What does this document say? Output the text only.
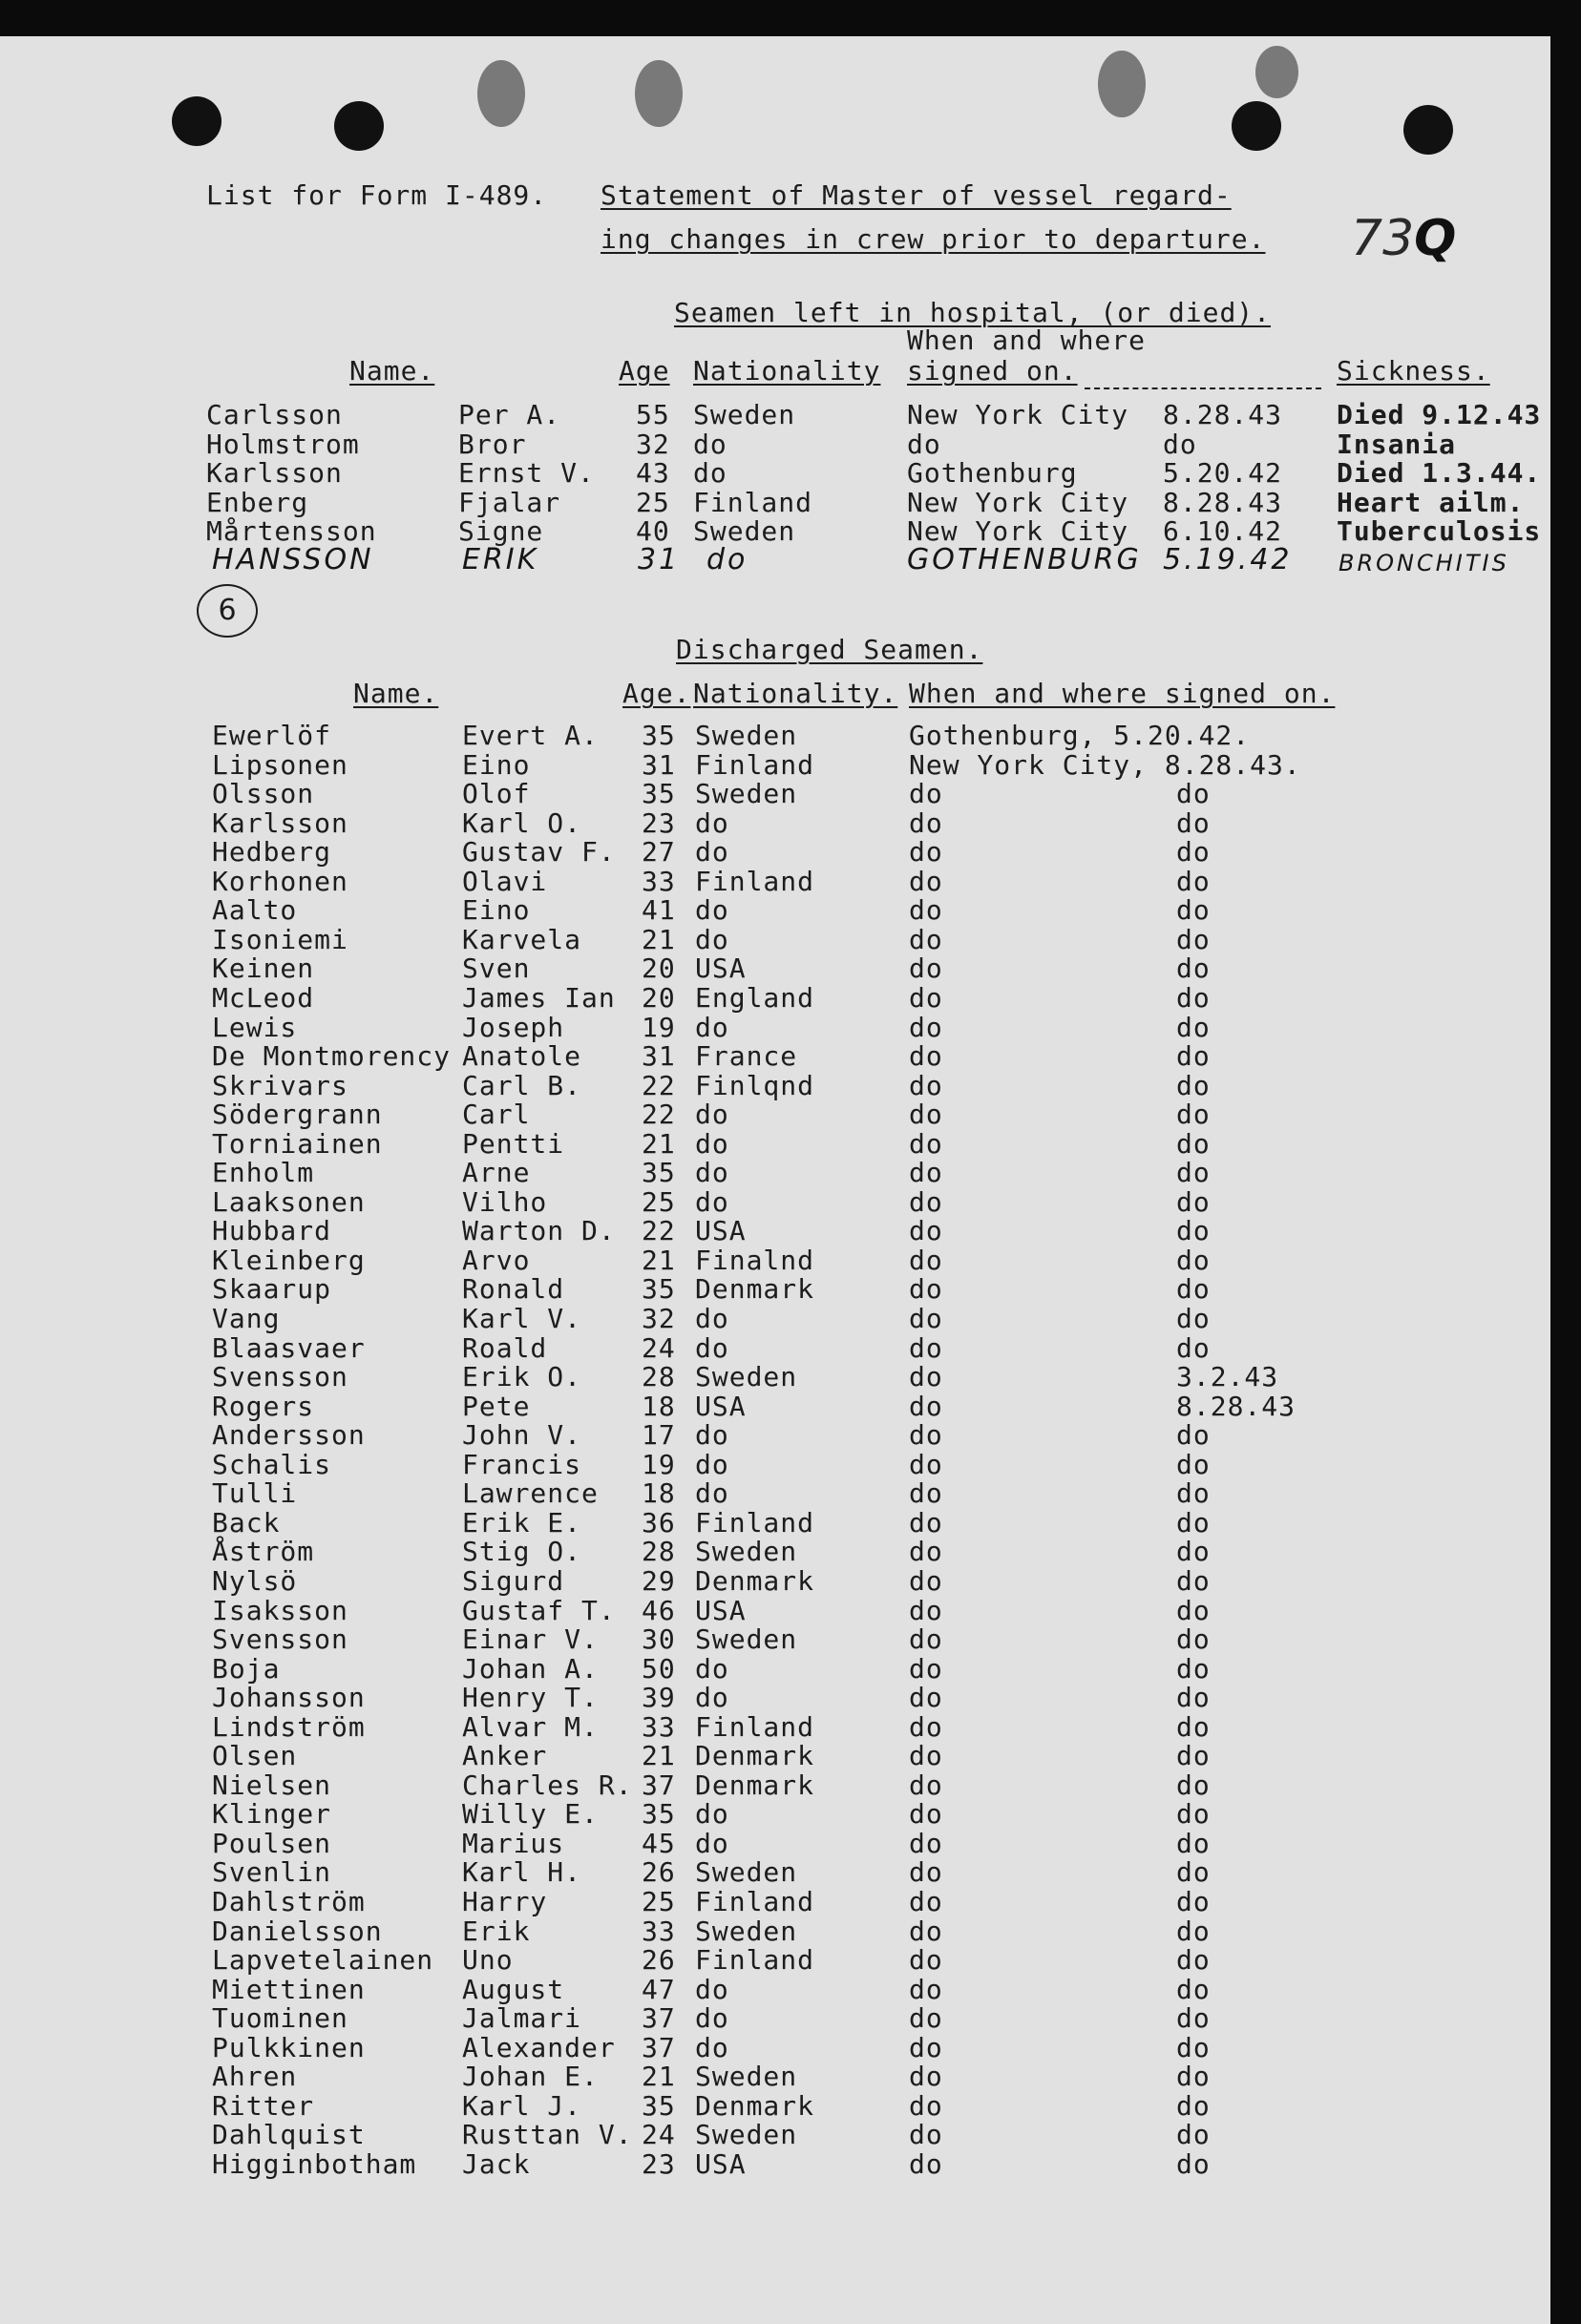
List for Form I-489. Statement of Master of vessel regard-
ing changes in crew prior to departure. 73Q
Seamen left in hospital, (or died).
When and where
Name.	Age Nationality signed on.	Sickness.
Carlsson	Per A.	55 Sweden	New York City 8.28.43 Died 9.12.43
Holmstrom	Bror	32 do	do	do	Insania
Karlsson	Ernst V. 43 do	Gothenburg	5.20.42 Died 1.3.44.
Enberg	Fjalar	25 Finland	New York City 8.28.43 Heart ailm.
Mårtensson	Signe	40 Sweden	New York City 6.10.42 Tuberculosis
HANSSON	ERIK	31 do	GOTHENBURG 5.19.42 BRONCHITIS
6
Discharged Seamen.
Name.	Age. Nationality. When and where signed on.
Ewerlöf	Evert A. 35 Sweden	Gothenburg, 5.20.42.
Lipsonen	Eino	31 Finland	New York City, 8.28.43.
Olsson	Olof	35 Sweden	do	do
Karlsson	Karl O. 23 do	do	do
Hedberg	Gustav F. 27 do	do	do
Korhonen	Olavi	33 Finland	do	do
Aalto	Eino	41 do	do	do
Isoniemi	Karvela 21 do	do	do
Keinen	Sven	20 USA	do	do
McLeod	James Ian 20 England	do	do
Lewis	Joseph	19 do	do	do
De Montmorency Anatole 31 France	do	do
Skrivars	Carl B. 22 Finlqnd	do	do
Södergrann	Carl	22 do	do	do
Torniainen	Pentti	21 do	do	do
Enholm	Arne	35 do	do	do
Laaksonen	Vilho	25 do	do	do
Hubbard	Warton D. 22 USA	do	do
Kleinberg	Arvo	21 Finalnd	do	do
Skaarup	Ronald	35 Denmark	do	do
Vang	Karl V. 32 do	do	do
Blaasvaer	Roald	24 do	do	do
Svensson	Erik O. 28 Sweden	do	3.2.43
Rogers	Pete	18 USA	do	8.28.43
Andersson	John V. 17 do	do	do
Schalis	Francis 19 do	do	do
Tulli	Lawrence 18 do	do	do
Back	Erik E. 36 Finland	do	do
Åström	Stig O. 28 Sweden	do	do
Nylsö	Sigurd	29 Denmark	do	do
Isaksson	Gustaf T. 46 USA	do	do
Svensson	Einar V. 30 Sweden	do	do
Boja	Johan A. 50 do	do	do
Johansson	Henry T. 39 do	do	do
Lindström	Alvar M. 33 Finland	do	do
Olsen	Anker	21 Denmark	do	do
Nielsen	Charles R. 37 Denmark	do	do
Klinger	Willy E. 35 do	do	do
Poulsen	Marius	45 do	do	do
Svenlin	Karl H. 26 Sweden	do	do
Dahlström	Harry	25 Finland	do	do
Danielsson	Erik	33 Sweden	do	do
Lapvetelainen Uno	26 Finland	do	do
Miettinen	August	47 do	do	do
Tuominen	Jalmari 37 do	do	do
Pulkkinen	Alexander 37 do	do	do
Ahren	Johan E. 21 Sweden	do	do
Ritter	Karl J. 35 Denmark	do	do
Dahlquist	Rusttan V. 24 Sweden	do	do
Higginbotham Jack	23 USA	do	do
